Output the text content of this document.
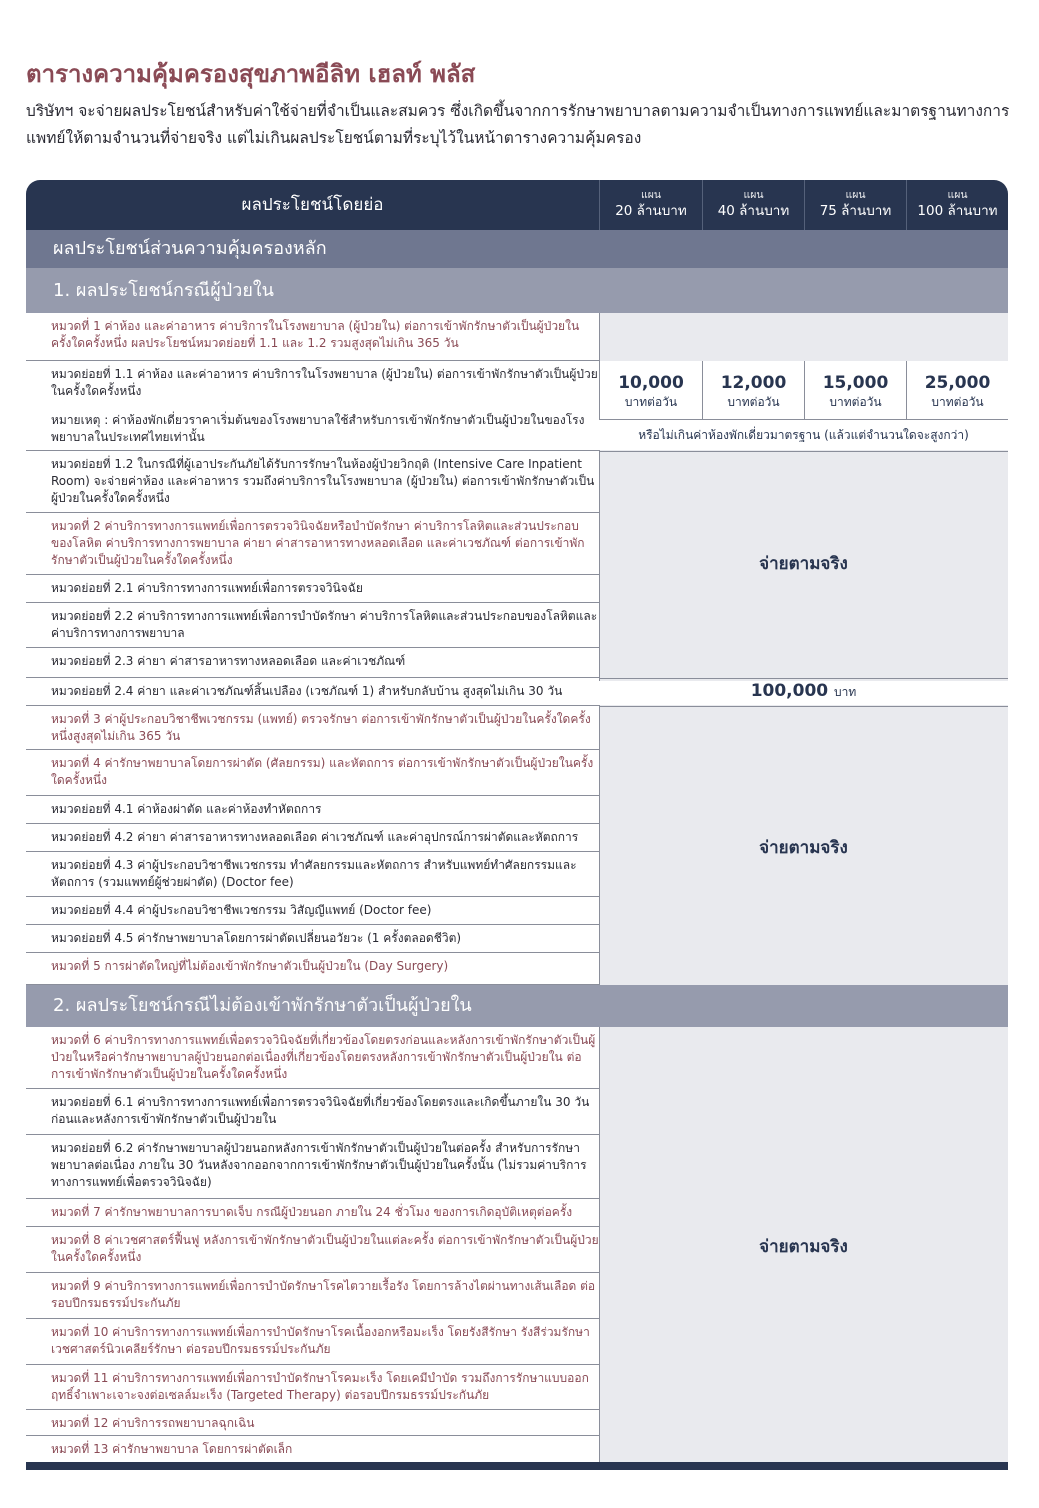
ตารางความคุ้มครองสุขภาพอีลิท เฮลท์ พลัส
บริษัทฯ จะจ่ายผลประโยชน์สำหรับค่าใช้จ่ายที่จำเป็นและสมควร ซึ่งเกิดขึ้นจากการรักษาพยาบาลตามความจำเป็นทางการแพทย์และมาตรฐานทางการแพทย์ให้ตามจำนวนที่จ่ายจริง แต่ไม่เกินผลประโยชน์ตามที่ระบุไว้ในหน้าตารางความคุ้มครอง
ผลประโยชน์โดยย่อ	แผน
20 ล้านบาท
แผน
40 ล้านบาท
แผน
75 ล้านบาท
แผน
100 ล้านบาท
ผลประโยชน์ส่วนความคุ้มครองหลัก
1. ผลประโยชน์กรณีผู้ป่วยใน
หมวดที่ 1 ค่าห้อง และค่าอาหาร ค่าบริการในโรงพยาบาล (ผู้ป่วยใน) ต่อการเข้าพักรักษาตัวเป็นผู้ป่วยในครั้งใดครั้งหนึ่ง ผลประโยชน์หมวดย่อยที่ 1.1 และ 1.2 รวมสูงสุดไม่เกิน 365 วัน
หมวดย่อยที่ 1.1 ค่าห้อง และค่าอาหาร ค่าบริการในโรงพยาบาล (ผู้ป่วยใน) ต่อการเข้าพักรักษาตัวเป็นผู้ป่วยในครั้งใดครั้งหนึ่ง
หมายเหตุ : ค่าห้องพักเดี่ยวราคาเริ่มต้นของโรงพยาบาลใช้สำหรับการเข้าพักรักษาตัวเป็นผู้ป่วยในของโรงพยาบาลในประเทศไทยเท่านั้น
หมวดย่อยที่ 1.2 ในกรณีที่ผู้เอาประกันภัยได้รับการรักษาในห้องผู้ป่วยวิกฤติ (Intensive Care Inpatient Room) จะจ่ายค่าห้อง และค่าอาหาร รวมถึงค่าบริการในโรงพยาบาล (ผู้ป่วยใน) ต่อการเข้าพักรักษาตัวเป็นผู้ป่วยในครั้งใดครั้งหนึ่ง
หมวดที่ 2 ค่าบริการทางการแพทย์เพื่อการตรวจวินิจฉัยหรือบำบัดรักษา ค่าบริการโลหิตและส่วนประกอบของโลหิต ค่าบริการทางการพยาบาล ค่ายา ค่าสารอาหารทางหลอดเลือด และค่าเวชภัณฑ์ ต่อการเข้าพักรักษาตัวเป็นผู้ป่วยในครั้งใดครั้งหนึ่ง
หมวดย่อยที่ 2.1 ค่าบริการทางการแพทย์เพื่อการตรวจวินิจฉัย
หมวดย่อยที่ 2.2 ค่าบริการทางการแพทย์เพื่อการบำบัดรักษา ค่าบริการโลหิตและส่วนประกอบของโลหิตและค่าบริการทางการพยาบาล
หมวดย่อยที่ 2.3 ค่ายา ค่าสารอาหารทางหลอดเลือด และค่าเวชภัณฑ์
หมวดย่อยที่ 2.4 ค่ายา และค่าเวชภัณฑ์สิ้นเปลือง (เวชภัณฑ์ 1) สำหรับกลับบ้าน สูงสุดไม่เกิน 30 วัน
หมวดที่ 3 ค่าผู้ประกอบวิชาชีพเวชกรรม (แพทย์) ตรวจรักษา ต่อการเข้าพักรักษาตัวเป็นผู้ป่วยในครั้งใดครั้งหนึ่งสูงสุดไม่เกิน 365 วัน
หมวดที่ 4 ค่ารักษาพยาบาลโดยการผ่าตัด (ศัลยกรรม) และหัตถการ ต่อการเข้าพักรักษาตัวเป็นผู้ป่วยในครั้งใดครั้งหนึ่ง
หมวดย่อยที่ 4.1 ค่าห้องผ่าตัด และค่าห้องทำหัตถการ
หมวดย่อยที่ 4.2 ค่ายา ค่าสารอาหารทางหลอดเลือด ค่าเวชภัณฑ์ และค่าอุปกรณ์การผ่าตัดและหัตถการ
หมวดย่อยที่ 4.3 ค่าผู้ประกอบวิชาชีพเวชกรรม ทำศัลยกรรมและหัตถการ สำหรับแพทย์ทำศัลยกรรมและหัตถการ (รวมแพทย์ผู้ช่วยผ่าตัด) (Doctor fee)
หมวดย่อยที่ 4.4 ค่าผู้ประกอบวิชาชีพเวชกรรม วิสัญญีแพทย์ (Doctor fee)
หมวดย่อยที่ 4.5 ค่ารักษาพยาบาลโดยการผ่าตัดเปลี่ยนอวัยวะ (1 ครั้งตลอดชีวิต)
หมวดที่ 5 การผ่าตัดใหญ่ที่ไม่ต้องเข้าพักรักษาตัวเป็นผู้ป่วยใน (Day Surgery)
10,000
บาทต่อวัน
12,000
บาทต่อวัน
15,000
บาทต่อวัน
25,000
บาทต่อวัน
หรือไม่เกินค่าห้องพักเดี่ยวมาตรฐาน (แล้วแต่จำนวนใดจะสูงกว่า)
จ่ายตามจริง
100,000 บาท
จ่ายตามจริง
2. ผลประโยชน์กรณีไม่ต้องเข้าพักรักษาตัวเป็นผู้ป่วยใน
หมวดที่ 6 ค่าบริการทางการแพทย์เพื่อตรวจวินิจฉัยที่เกี่ยวข้องโดยตรงก่อนและหลังการเข้าพักรักษาตัวเป็นผู้ป่วยในหรือค่ารักษาพยาบาลผู้ป่วยนอกต่อเนื่องที่เกี่ยวข้องโดยตรงหลังการเข้าพักรักษาตัวเป็นผู้ป่วยใน ต่อการเข้าพักรักษาตัวเป็นผู้ป่วยในครั้งใดครั้งหนึ่ง
หมวดย่อยที่ 6.1 ค่าบริการทางการแพทย์เพื่อการตรวจวินิจฉัยที่เกี่ยวข้องโดยตรงและเกิดขึ้นภายใน 30 วันก่อนและหลังการเข้าพักรักษาตัวเป็นผู้ป่วยใน
หมวดย่อยที่ 6.2 ค่ารักษาพยาบาลผู้ป่วยนอกหลังการเข้าพักรักษาตัวเป็นผู้ป่วยในต่อครั้ง สำหรับการรักษาพยาบาลต่อเนื่อง ภายใน 30 วันหลังจากออกจากการเข้าพักรักษาตัวเป็นผู้ป่วยในครั้งนั้น (ไม่รวมค่าบริการทางการแพทย์เพื่อตรวจวินิจฉัย)
หมวดที่ 7 ค่ารักษาพยาบาลการบาดเจ็บ กรณีผู้ป่วยนอก ภายใน 24 ชั่วโมง ของการเกิดอุบัติเหตุต่อครั้ง
หมวดที่ 8 ค่าเวชศาสตร์ฟื้นฟู หลังการเข้าพักรักษาตัวเป็นผู้ป่วยในแต่ละครั้ง ต่อการเข้าพักรักษาตัวเป็นผู้ป่วยในครั้งใดครั้งหนึ่ง
หมวดที่ 9 ค่าบริการทางการแพทย์เพื่อการบำบัดรักษาโรคไตวายเรื้อรัง โดยการล้างไตผ่านทางเส้นเลือด ต่อรอบปีกรมธรรม์ประกันภัย
หมวดที่ 10 ค่าบริการทางการแพทย์เพื่อการบำบัดรักษาโรคเนื้องอกหรือมะเร็ง โดยรังสีรักษา รังสีร่วมรักษาเวชศาสตร์นิวเคลียร์รักษา ต่อรอบปีกรมธรรม์ประกันภัย
หมวดที่ 11 ค่าบริการทางการแพทย์เพื่อการบำบัดรักษาโรคมะเร็ง โดยเคมีบำบัด รวมถึงการรักษาแบบออกฤทธิ์จำเพาะเจาะจงต่อเซลล์มะเร็ง (Targeted Therapy) ต่อรอบปีกรมธรรม์ประกันภัย
หมวดที่ 12 ค่าบริการรถพยาบาลฉุกเฉิน
หมวดที่ 13 ค่ารักษาพยาบาล โดยการผ่าตัดเล็ก
จ่ายตามจริง
